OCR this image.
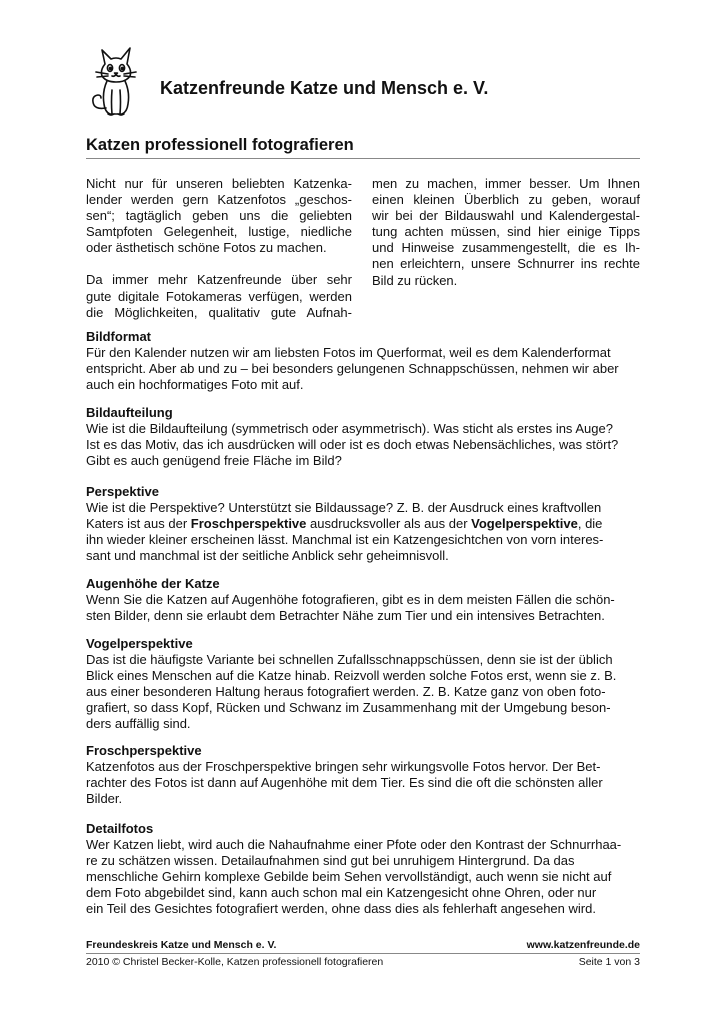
Katzenfreunde Katze und Mensch e. V.
Katzen professionell fotografieren

Nicht nur für unseren beliebten Katzenka-
lender werden gern Katzenfotos „geschos-
sen“; tagtäglich geben uns die geliebten
Samtpfoten Gelegenheit, lustige, niedliche
oder ästhetisch schöne Fotos zu machen.

Da immer mehr Katzenfreunde über sehr
gute digitale Fotokameras verfügen, werden
die Möglichkeiten, qualitativ gute Aufnah-

men zu machen, immer besser. Um Ihnen
einen kleinen Überblich zu geben, worauf
wir bei der Bildauswahl und Kalendergestal-
tung achten müssen, sind hier einige Tipps
und Hinweise zusammengestellt, die es Ih-
nen erleichtern, unsere Schnurrer ins rechte
Bild zu rücken.

Bildformat
Für den Kalender nutzen wir am liebsten Fotos im Querformat, weil es dem Kalenderformat
entspricht. Aber ab und zu – bei besonders gelungenen Schnappschüssen, nehmen wir aber
auch ein hochformatiges Foto mit auf.
Bildaufteilung
Wie ist die Bildaufteilung (symmetrisch oder asymmetrisch). Was sticht als erstes ins Auge?
Ist es das Motiv, das ich ausdrücken will oder ist es doch etwas Nebensächliches, was stört?
Gibt es auch genügend freie Fläche im Bild?
Perspektive
Wie ist die Perspektive? Unterstützt sie Bildaussage? Z. B. der Ausdruck eines kraftvollen
Katers ist aus der Froschperspektive ausdrucksvoller als aus der Vogelperspektive, die
ihn wieder kleiner erscheinen lässt. Manchmal ist ein Katzengesichtchen von vorn interes-
sant und manchmal ist der seitliche Anblick sehr geheimnisvoll.
Augenhöhe der Katze
Wenn Sie die Katzen auf Augenhöhe fotografieren, gibt es in dem meisten Fällen die schön-
sten Bilder, denn sie erlaubt dem Betrachter Nähe zum Tier und ein intensives Betrachten.
Vogelperspektive
Das ist die häufigste Variante bei schnellen Zufallsschnappschüssen, denn sie ist der üblich
Blick eines Menschen auf die Katze hinab. Reizvoll werden solche Fotos erst, wenn sie z. B.
aus einer besonderen Haltung heraus fotografiert werden. Z. B. Katze ganz von oben foto-
grafiert, so dass Kopf, Rücken und Schwanz im Zusammenhang mit der Umgebung beson-
ders auffällig sind.
Froschperspektive
Katzenfotos aus der Froschperspektive bringen sehr wirkungsvolle Fotos hervor. Der Bet-
rachter des Fotos ist dann auf Augenhöhe mit dem Tier. Es sind die oft die schönsten aller
Bilder.
Detailfotos
Wer Katzen liebt, wird auch die Nahaufnahme einer Pfote oder den Kontrast der Schnurrhaa-
re zu schätzen wissen. Detailaufnahmen sind gut bei unruhigem Hintergrund. Da das
menschliche Gehirn komplexe Gebilde beim Sehen vervollständigt, auch wenn sie nicht auf
dem Foto abgebildet sind, kann auch schon mal ein Katzengesicht ohne Ohren, oder nur
ein Teil des Gesichtes fotografiert werden, ohne dass dies als fehlerhaft angesehen wird.
Freundeskreis Katze und Mensch e. V.	www.katzenfreunde.de
2010 © Christel Becker-Kolle, Katzen professionell fotografieren	Seite 1 von 3
